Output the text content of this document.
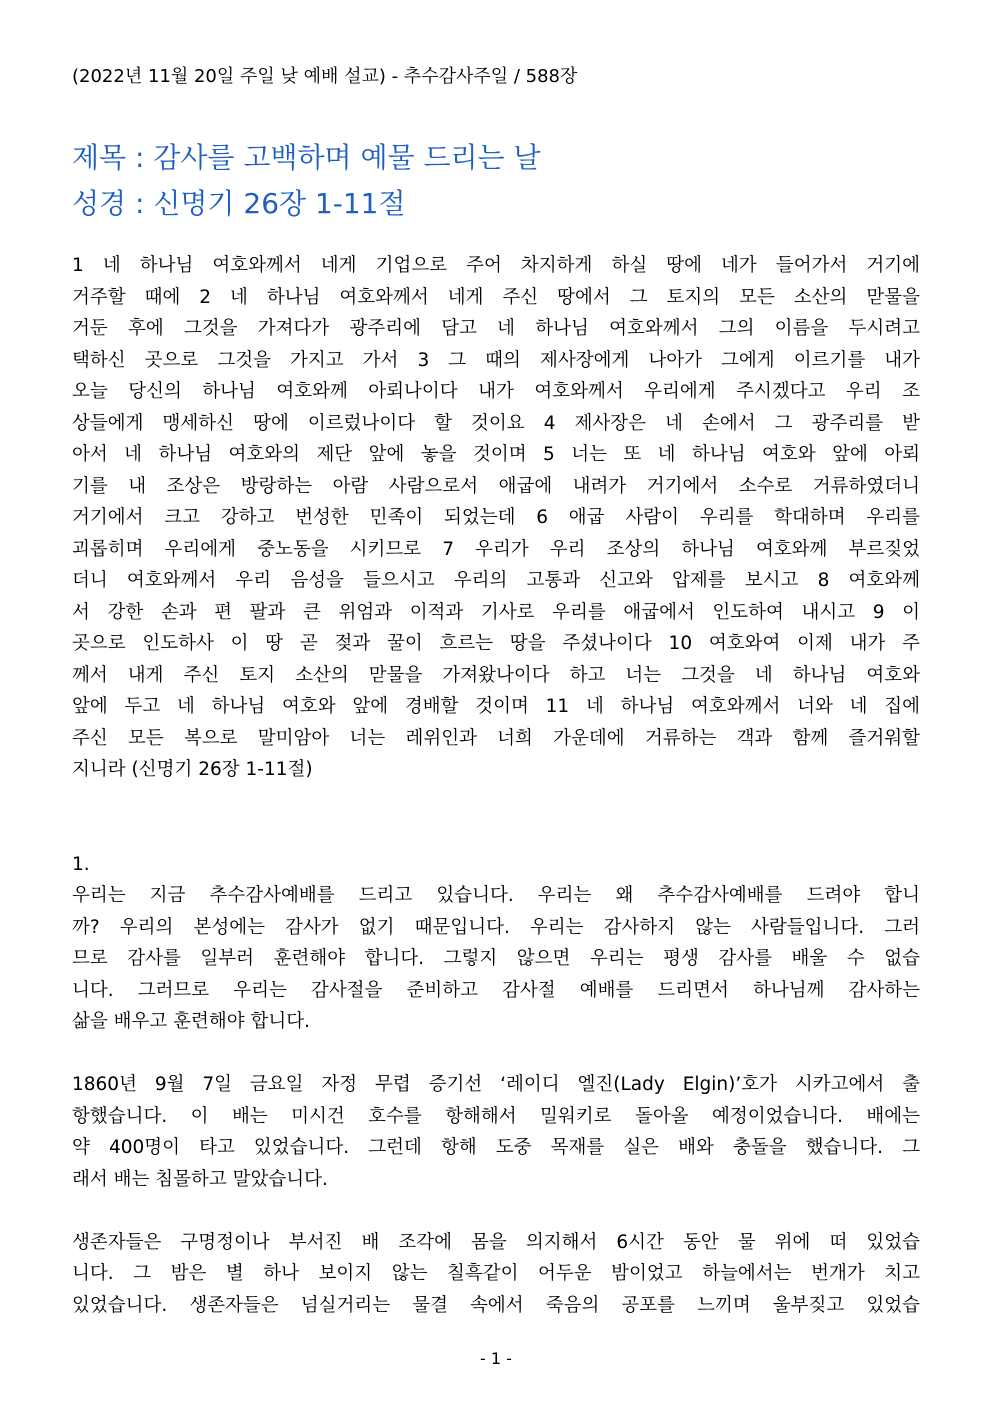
(2022년 11월 20일 주일 낮 예배 설교) - 추수감사주일 / 588장
제목 : 감사를 고백하며 예물 드리는 날
성경 : 신명기 26장 1-11절
1 네 하나님 여호와께서 네게 기업으로 주어 차지하게 하실 땅에 네가 들어가서 거기에
거주할 때에 2 네 하나님 여호와께서 네게 주신 땅에서 그 토지의 모든 소산의 맏물을
거둔 후에 그것을 가져다가 광주리에 담고 네 하나님 여호와께서 그의 이름을 두시려고
택하신 곳으로 그것을 가지고 가서 3 그 때의 제사장에게 나아가 그에게 이르기를 내가
오늘 당신의 하나님 여호와께 아뢰나이다 내가 여호와께서 우리에게 주시겠다고 우리 조
상들에게 맹세하신 땅에 이르렀나이다 할 것이요 4 제사장은 네 손에서 그 광주리를 받
아서 네 하나님 여호와의 제단 앞에 놓을 것이며 5 너는 또 네 하나님 여호와 앞에 아뢰
기를 내 조상은 방랑하는 아람 사람으로서 애굽에 내려가 거기에서 소수로 거류하였더니
거기에서 크고 강하고 번성한 민족이 되었는데 6 애굽 사람이 우리를 학대하며 우리를
괴롭히며 우리에게 중노동을 시키므로 7 우리가 우리 조상의 하나님 여호와께 부르짖었
더니 여호와께서 우리 음성을 들으시고 우리의 고통과 신고와 압제를 보시고 8 여호와께
서 강한 손과 편 팔과 큰 위엄과 이적과 기사로 우리를 애굽에서 인도하여 내시고 9 이
곳으로 인도하사 이 땅 곧 젖과 꿀이 흐르는 땅을 주셨나이다 10 여호와여 이제 내가 주
께서 내게 주신 토지 소산의 맏물을 가져왔나이다 하고 너는 그것을 네 하나님 여호와
앞에 두고 네 하나님 여호와 앞에 경배할 것이며 11 네 하나님 여호와께서 너와 네 집에
주신 모든 복으로 말미암아 너는 레위인과 너희 가운데에 거류하는 객과 함께 즐거워할
지니라 (신명기 26장 1-11절)

1.

우리는 지금 추수감사예배를 드리고 있습니다. 우리는 왜 추수감사예배를 드려야 합니
까? 우리의 본성에는 감사가 없기 때문입니다. 우리는 감사하지 않는 사람들입니다. 그러
므로 감사를 일부러 훈련해야 합니다. 그렇지 않으면 우리는 평생 감사를 배울 수 없습
니다. 그러므로 우리는 감사절을 준비하고 감사절 예배를 드리면서 하나님께 감사하는
삶을 배우고 훈련해야 합니다.
1860년 9월 7일 금요일 자정 무렵 증기선 ‘레이디 엘진(Lady Elgin)’호가 시카고에서 출
항했습니다. 이 배는 미시건 호수를 항해해서 밀워키로 돌아올 예정이었습니다. 배에는
약 400명이 타고 있었습니다. 그런데 항해 도중 목재를 실은 배와 충돌을 했습니다. 그
래서 배는 침몰하고 말았습니다.
생존자들은 구명정이나 부서진 배 조각에 몸을 의지해서 6시간 동안 물 위에 떠 있었습
니다. 그 밤은 별 하나 보이지 않는 칠흑같이 어두운 밤이었고 하늘에서는 번개가 치고
있었습니다. 생존자들은 넘실거리는 물결 속에서 죽음의 공포를 느끼며 울부짖고 있었습
- 1 -
